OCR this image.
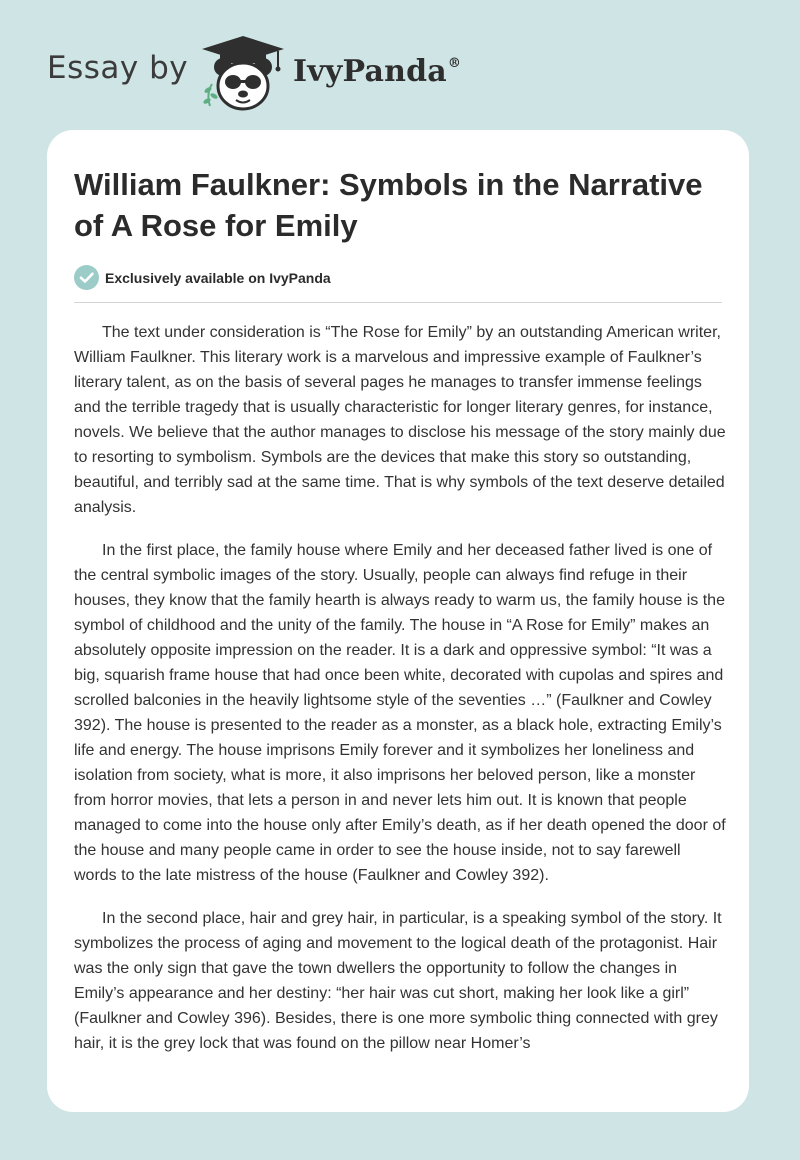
Essay by	IvyPanda®
William Faulkner: Symbols in the Narrative of A Rose for Emily
Exclusively available on IvyPanda

The text under consideration is “The Rose for Emily” by an outstanding American writer, William Faulkner. This literary work is a marvelous and impressive example of Faulkner’s literary talent, as on the basis of several pages he manages to transfer immense feelings and the terrible tragedy that is usually characteristic for longer literary genres, for instance, novels. We believe that the author manages to disclose his message of the story mainly due to resorting to symbolism. Symbols are the devices that make this story so outstanding, beautiful, and terribly sad at the same time. That is why symbols of the text deserve detailed analysis.

In the first place, the family house where Emily and her deceased father lived is one of the central symbolic images of the story. Usually, people can always find refuge in their houses, they know that the family hearth is always ready to warm us, the family house is the symbol of childhood and the unity of the family. The house in “A Rose for Emily” makes an absolutely opposite impression on the reader. It is a dark and oppressive symbol: “It was a big, squarish frame house that had once been white, decorated with cupolas and spires and scrolled balconies in the heavily lightsome style of the seventies …” (Faulkner and Cowley 392). The house is presented to the reader as a monster, as a black hole, extracting Emily’s life and energy. The house imprisons Emily forever and it symbolizes her loneliness and isolation from society, what is more, it also imprisons her beloved person, like a monster from horror movies, that lets a person in and never lets him out. It is known that people managed to come into the house only after Emily’s death, as if her death opened the door of the house and many people came in order to see the house inside, not to say farewell words to the late mistress of the house (Faulkner and Cowley 392).

In the second place, hair and grey hair, in particular, is a speaking symbol of the story. It symbolizes the process of aging and movement to the logical death of the protagonist. Hair was the only sign that gave the town dwellers the opportunity to follow the changes in Emily’s appearance and her destiny: “her hair was cut short, making her look like a girl” (Faulkner and Cowley 396). Besides, there is one more symbolic thing connected with grey hair, it is the grey lock that was found on the pillow near Homer’s
